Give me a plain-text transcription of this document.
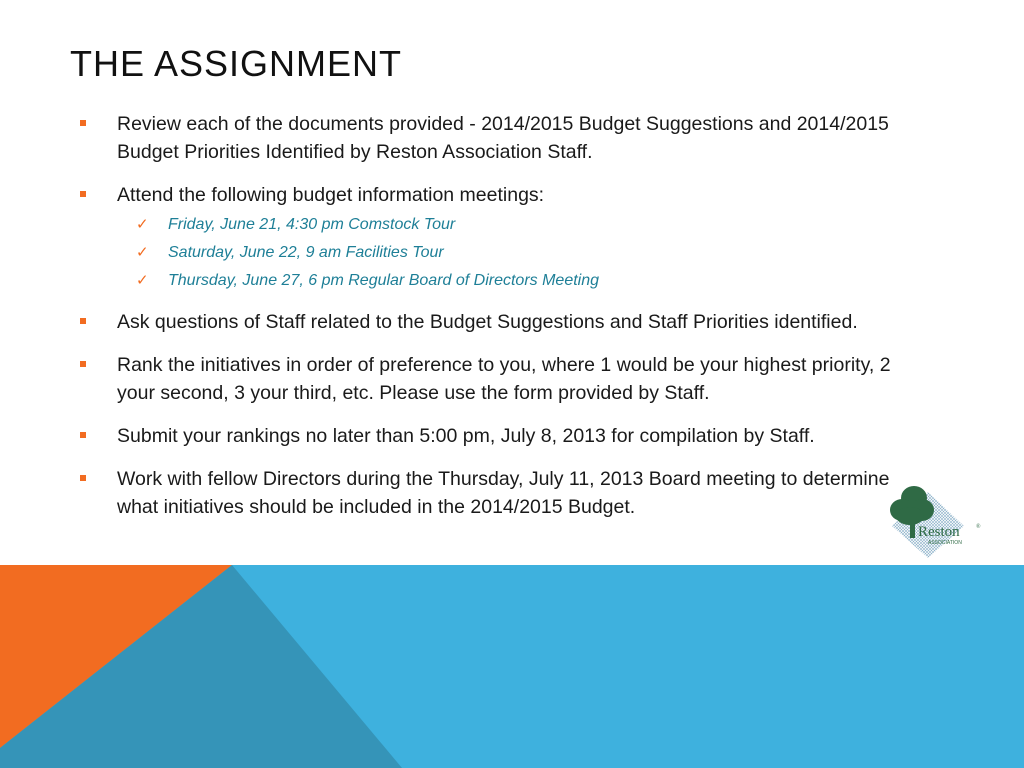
THE ASSIGNMENT
Review each of the documents provided - 2014/2015 Budget Suggestions and 2014/2015 Budget Priorities Identified by Reston Association Staff.
Attend the following budget information meetings:
✓ Friday, June 21, 4:30 pm Comstock Tour
✓ Saturday, June 22, 9 am Facilities Tour
✓ Thursday, June 27, 6 pm Regular Board of Directors Meeting
Ask questions of Staff related to the Budget Suggestions and Staff Priorities identified.
Rank the initiatives in order of preference to you, where 1 would be your highest priority, 2 your second, 3 your third, etc. Please use the form provided by Staff.
Submit your rankings no later than 5:00 pm, July 8, 2013 for compilation by Staff.
Work with fellow Directors during the Thursday, July 11, 2013 Board meeting to determine what initiatives should be included in the 2014/2015 Budget.
Reston	®
ASSOCIATION
